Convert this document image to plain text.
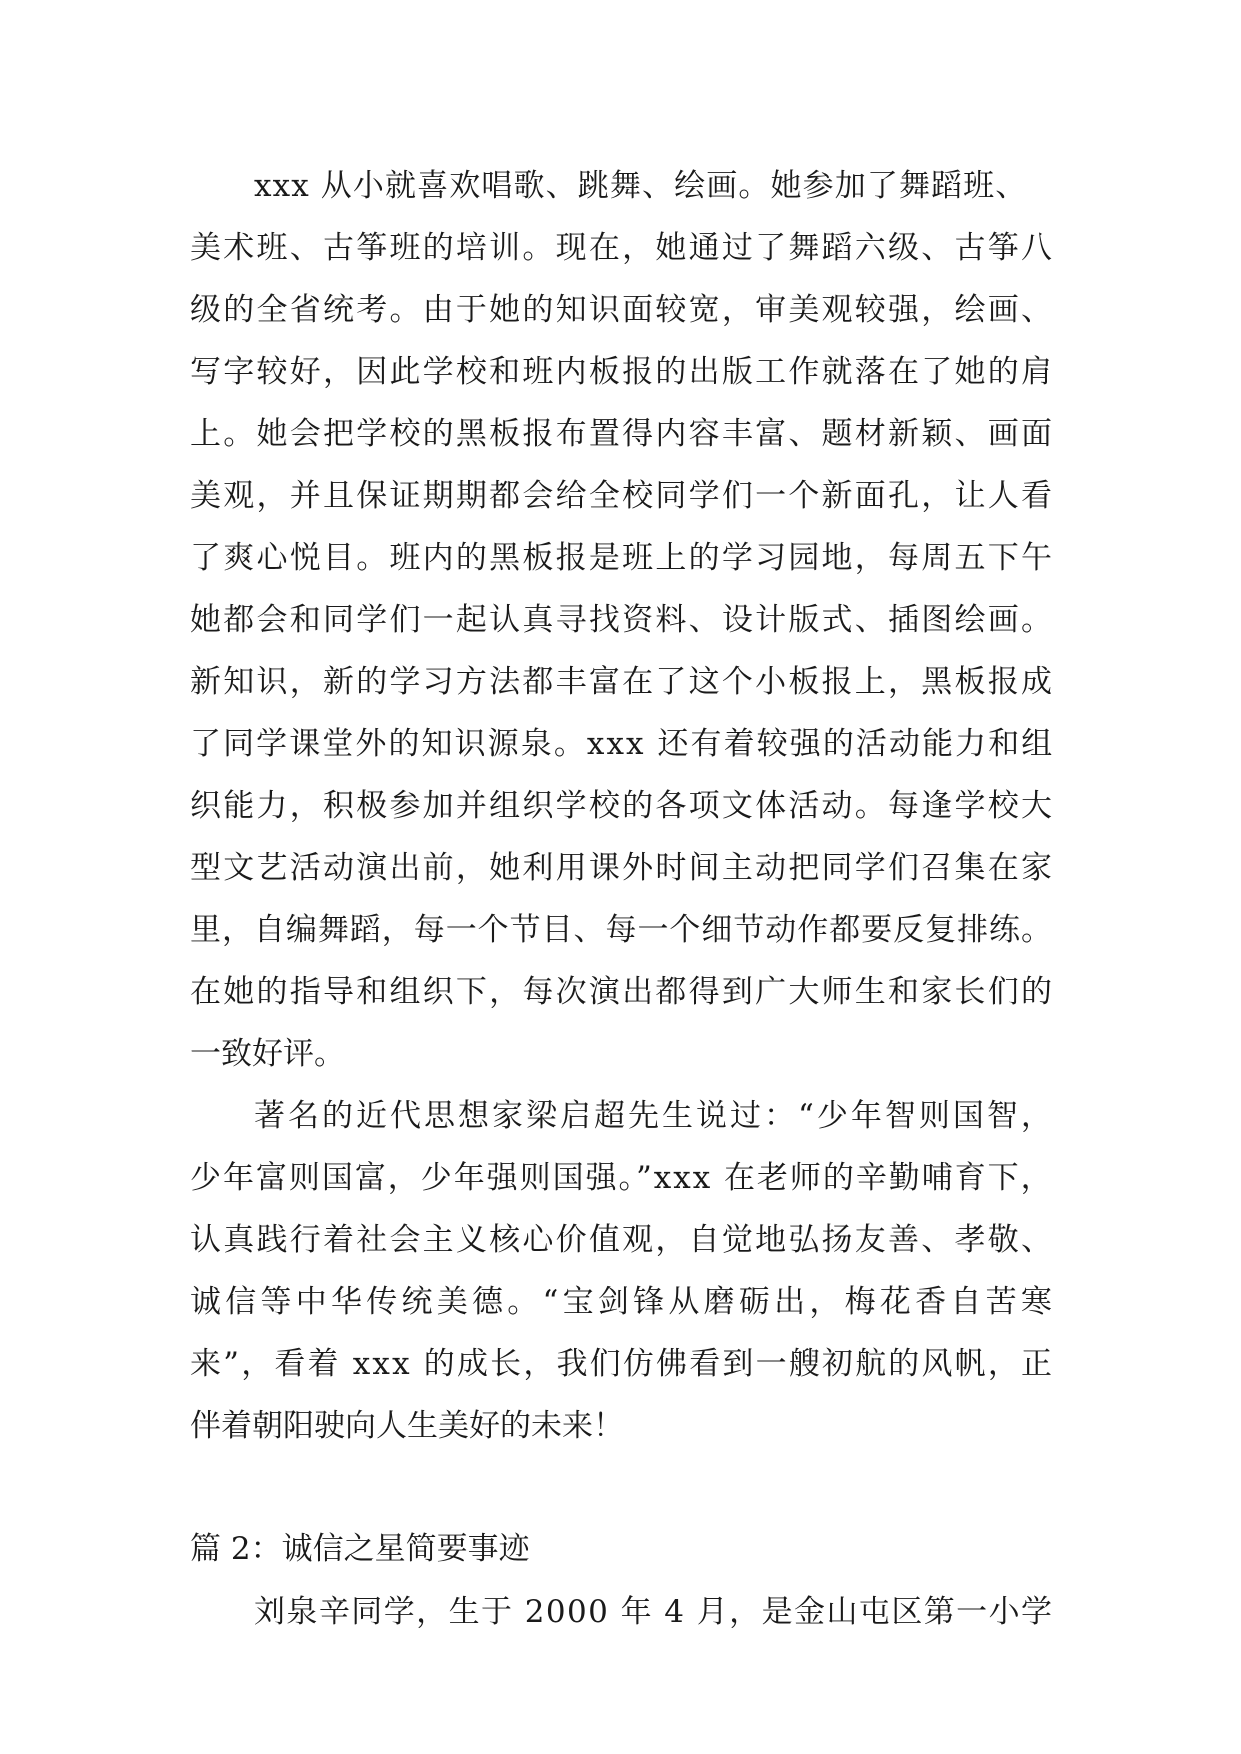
xxx 从小就喜欢唱歌、跳舞、绘画。她参加了舞蹈班、
美术班、古筝班的培训。现在，她通过了舞蹈六级、古筝八
级的全省统考。由于她的知识面较宽，审美观较强，绘画、
写字较好，因此学校和班内板报的出版工作就落在了她的肩
上。她会把学校的黑板报布置得内容丰富、题材新颖、画面
美观，并且保证期期都会给全校同学们一个新面孔，让人看
了爽心悦目。班内的黑板报是班上的学习园地，每周五下午
她都会和同学们一起认真寻找资料、设计版式、插图绘画。
新知识，新的学习方法都丰富在了这个小板报上，黑板报成
了同学课堂外的知识源泉。xxx 还有着较强的活动能力和组
织能力，积极参加并组织学校的各项文体活动。每逢学校大
型文艺活动演出前，她利用课外时间主动把同学们召集在家
里，自编舞蹈，每一个节目、每一个细节动作都要反复排练。
在她的指导和组织下，每次演出都得到广大师生和家长们的
一致好评。
著名的近代思想家梁启超先生说过：“少年智则国智，
少年富则国富，少年强则国强。”xxx 在老师的辛勤哺育下，
认真践行着社会主义核心价值观，自觉地弘扬友善、孝敬、
诚信等中华传统美德。“宝剑锋从磨砺出，梅花香自苦寒
来”，看着 xxx 的成长，我们仿佛看到一艘初航的风帆，正
伴着朝阳驶向人生美好的未来！
篇 2：诚信之星简要事迹
刘泉辛同学，生于 2000 年 4 月，是金山屯区第一小学
